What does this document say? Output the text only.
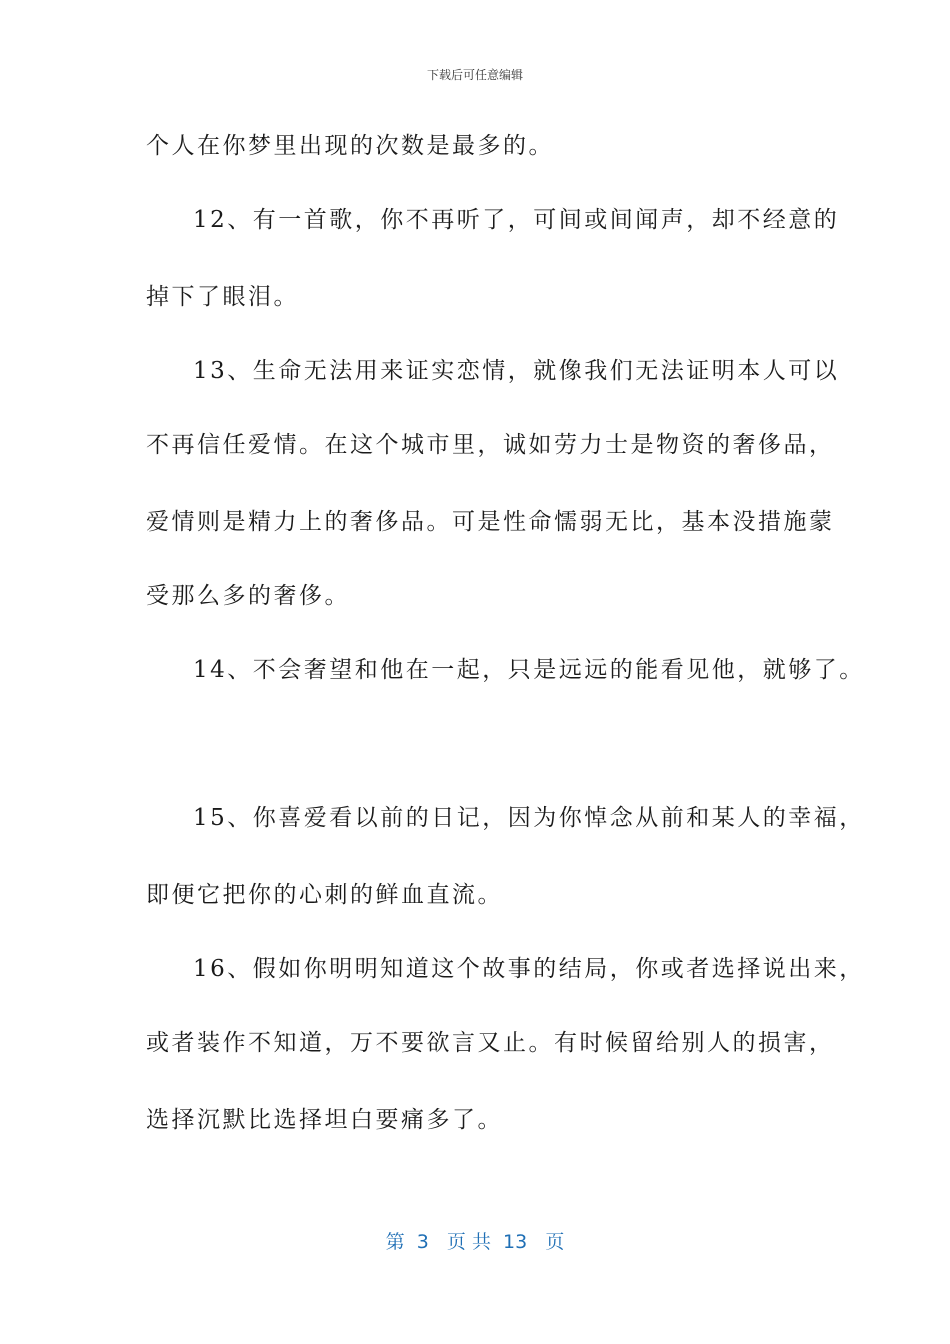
下载后可任意编辑
个人在你梦里出现的次数是最多的。
12、有一首歌，你不再听了，可间或间闻声，却不经意的
掉下了眼泪。
13、生命无法用来证实恋情，就像我们无法证明本人可以
不再信任爱情。在这个城市里，诚如劳力士是物资的奢侈品，
爱情则是精力上的奢侈品。可是性命懦弱无比，基本没措施蒙
受那么多的奢侈。
14、不会奢望和他在一起，只是远远的能看见他，就够了。
15、你喜爱看以前的日记，因为你悼念从前和某人的幸福，
即便它把你的心刺的鲜血直流。
16、假如你明明知道这个故事的结局，你或者选择说出来，
或者装作不知道，万不要欲言又止。有时候留给别人的损害，
选择沉默比选择坦白要痛多了。
第  3   页 共  13   页
